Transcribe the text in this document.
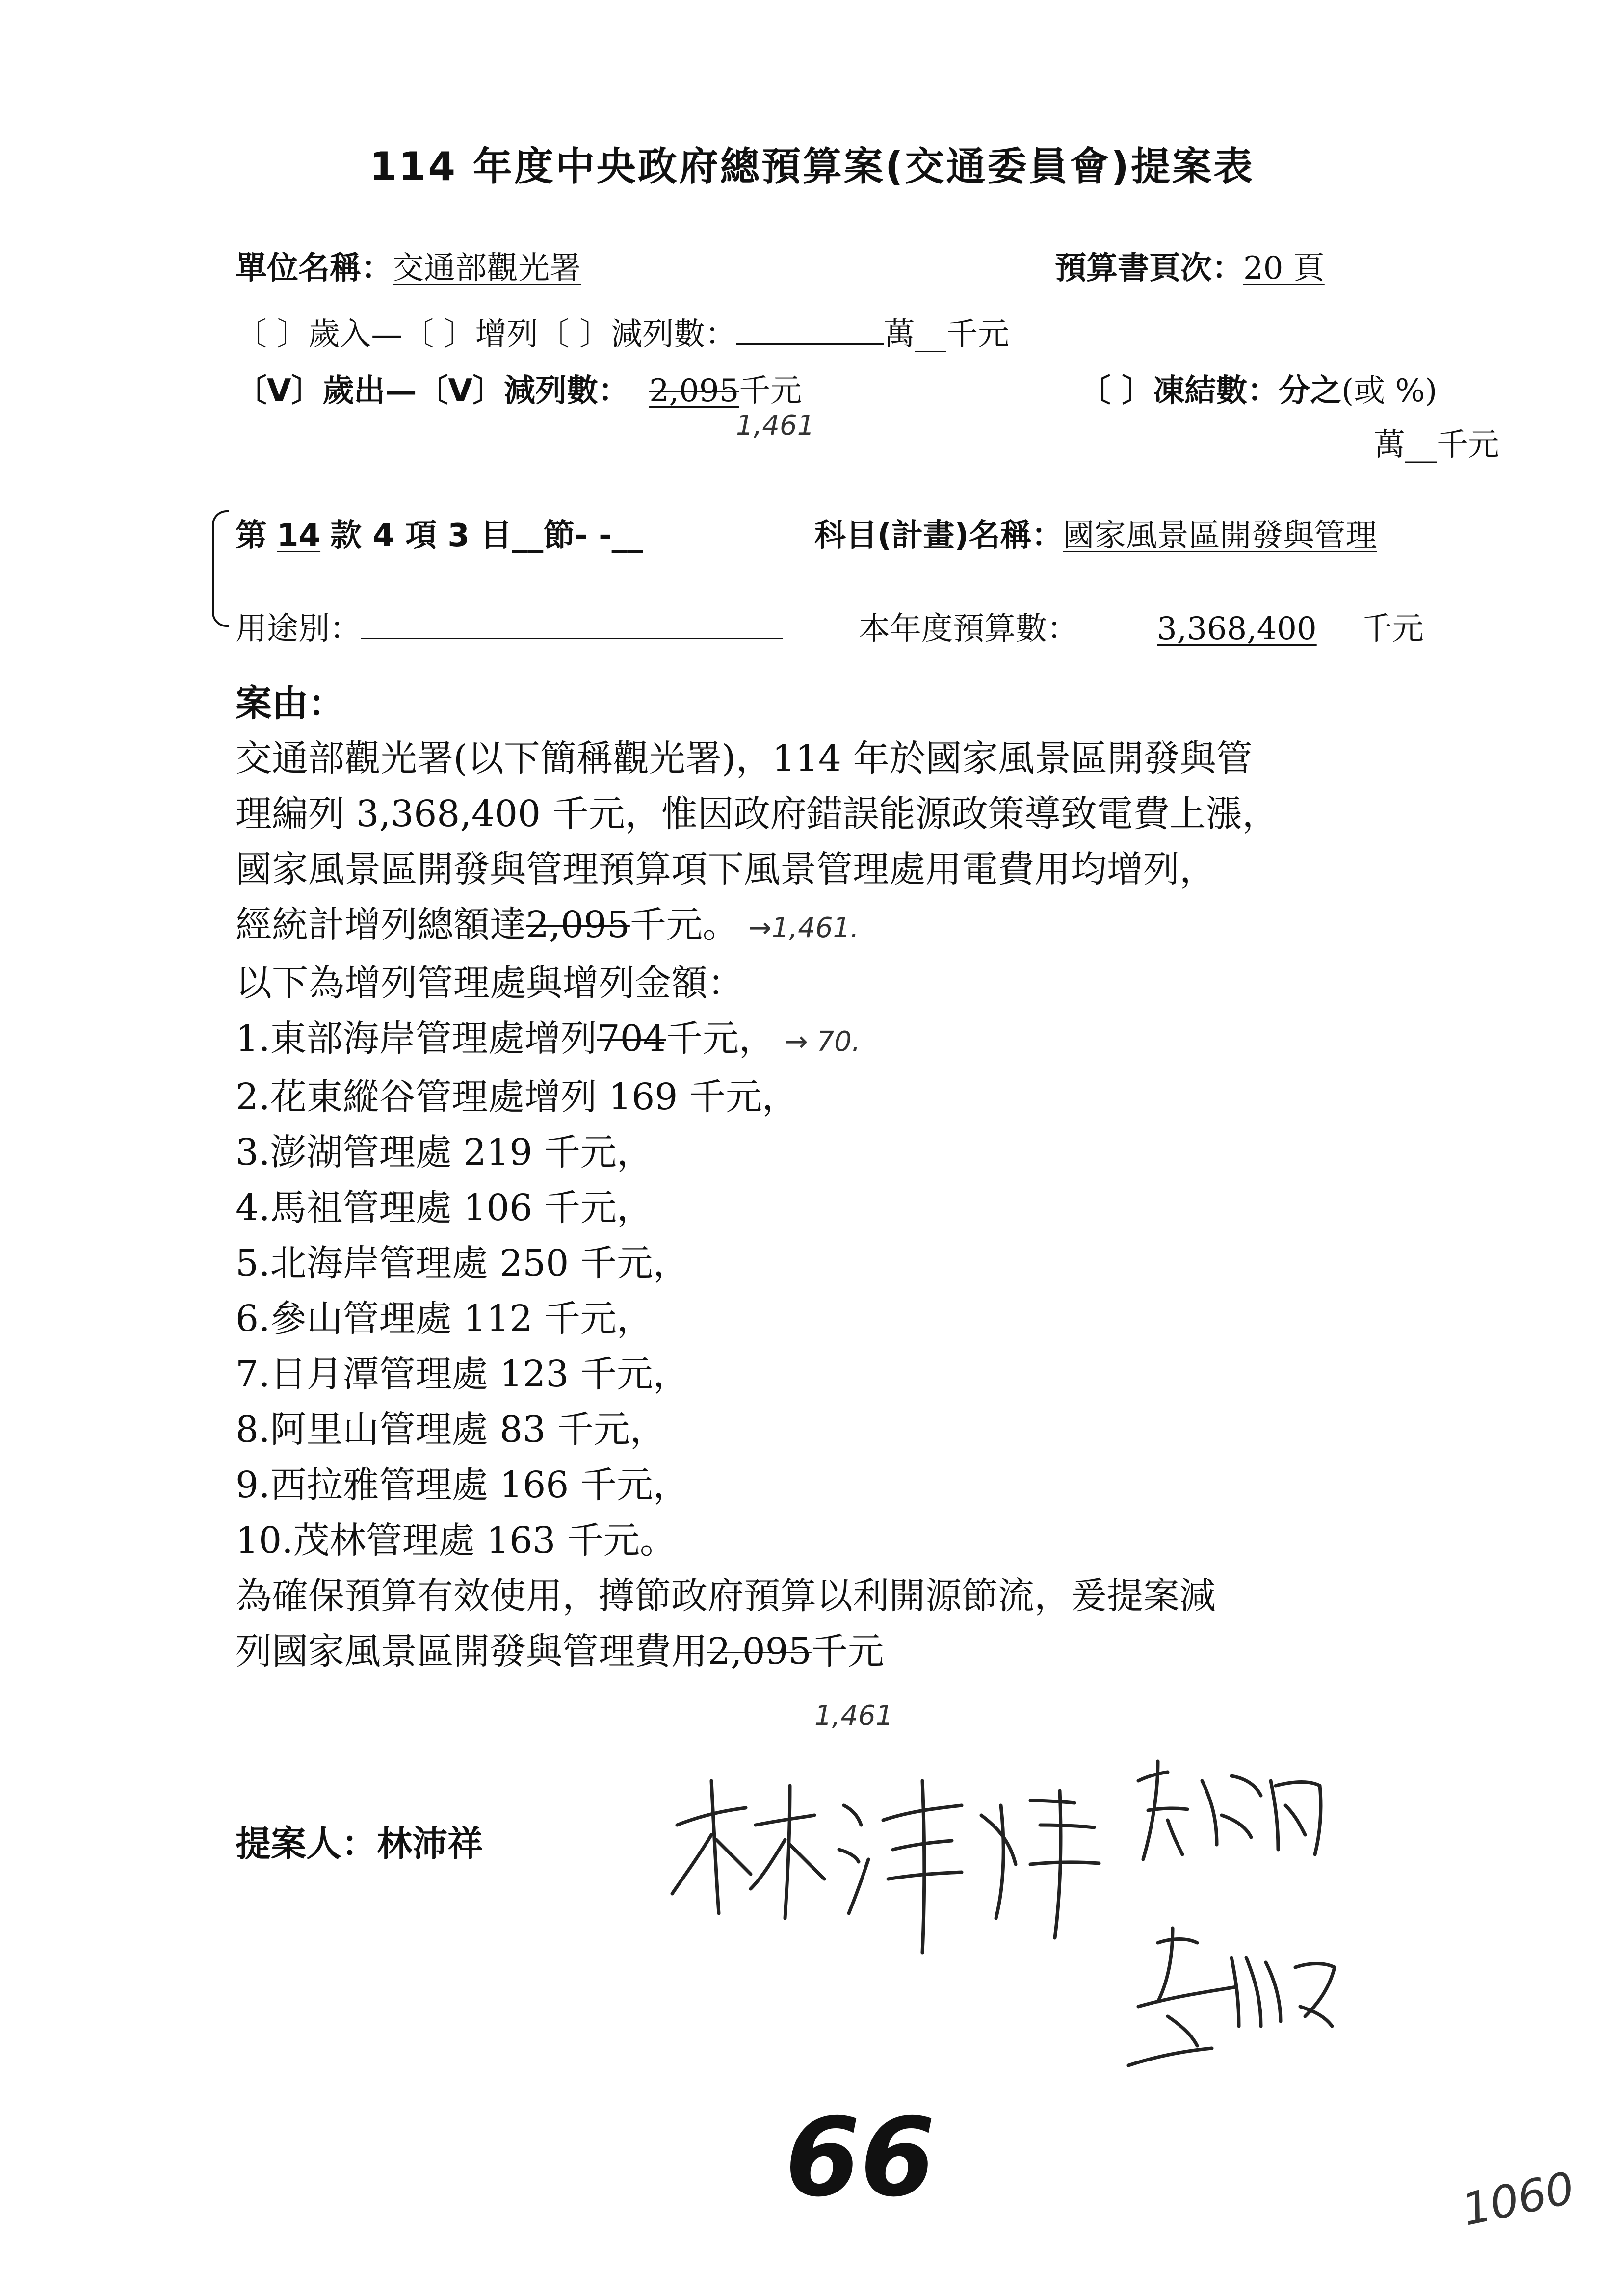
114 年度中央政府總預算案(交通委員會)提案表
單位名稱：交通部觀光署	預算書頁次：20 頁
〔 〕歲入—〔 〕增列〔 〕減列數：	萬__千元
〔V〕歲出—〔V〕減列數： 2,095千元
1,461
〔 〕凍結數：分之(或 %)
萬__千元
第 14 款 4 項 3 目__節- -__	科目(計畫)名稱：國家風景區開發與管理
用途別：	本年度預算數：	3,368,400 千元
案由：
交通部觀光署(以下簡稱觀光署)，114 年於國家風景區開發與管
理編列 3,368,400 千元，惟因政府錯誤能源政策導致電費上漲，
國家風景區開發與管理預算項下風景管理處用電費用均增列，
經統計增列總額達2,095千元。 →1,461.
以下為增列管理處與增列金額：
1.東部海岸管理處增列704千元， → 70.
2.花東縱谷管理處增列 169 千元，
3.澎湖管理處 219 千元，
4.馬祖管理處 106 千元，
5.北海岸管理處 250 千元，
6.參山管理處 112 千元，
7.日月潭管理處 123 千元，
8.阿里山管理處 83 千元，
9.西拉雅管理處 166 千元，
10.茂林管理處 163 千元。
為確保預算有效使用，撙節政府預算以利開源節流，爰提案減
列國家風景區開發與管理費用2,095千元
1,461
提案人：林沛祥
66	1060
